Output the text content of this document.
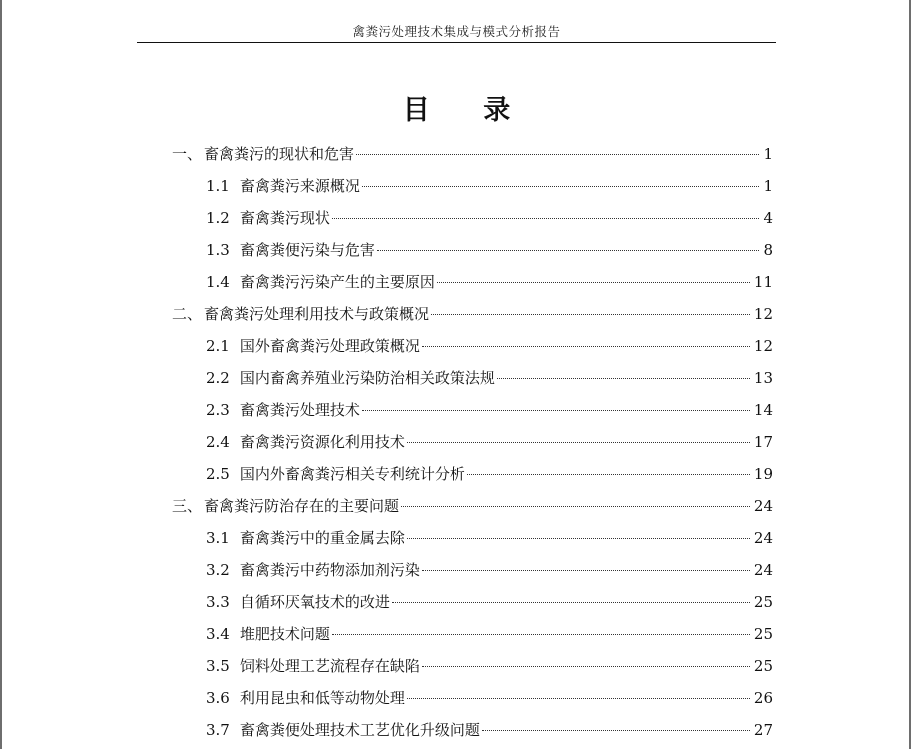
禽粪污处理技术集成与模式分析报告
目 录
一、 畜禽粪污的现状和危害	1
1.1 畜禽粪污来源概况	1
1.2 畜禽粪污现状	4
1.3 畜禽粪便污染与危害	8
1.4 畜禽粪污污染产生的主要原因	11
二、 畜禽粪污处理利用技术与政策概况	12
2.1 国外畜禽粪污处理政策概况	12
2.2 国内畜禽养殖业污染防治相关政策法规	13
2.3 畜禽粪污处理技术	14
2.4 畜禽粪污资源化利用技术	17
2.5 国内外畜禽粪污相关专利统计分析	19
三、 畜禽粪污防治存在的主要问题	24
3.1 畜禽粪污中的重金属去除	24
3.2 畜禽粪污中药物添加剂污染	24
3.3 自循环厌氧技术的改进	25
3.4 堆肥技术问题	25
3.5 饲料处理工艺流程存在缺陷	25
3.6 利用昆虫和低等动物处理	26
3.7 畜禽粪便处理技术工艺优化升级问题	27
